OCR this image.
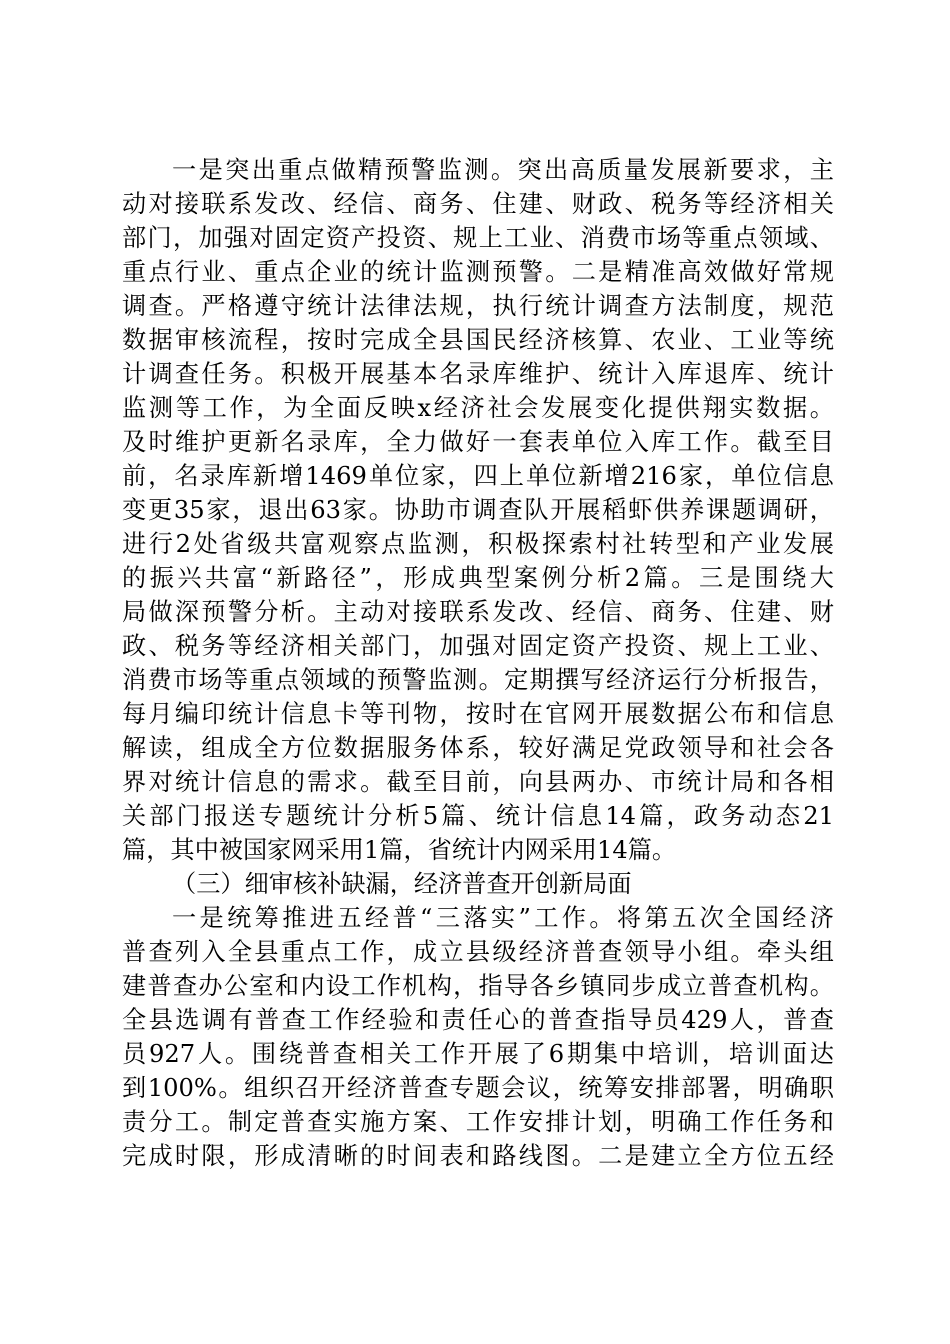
一是突出重点做精预警监测。突出高质量发展新要求，主
动对接联系发改、经信、商务、住建、财政、税务等经济相关
部门，加强对固定资产投资、规上工业、消费市场等重点领域、
重点行业、重点企业的统计监测预警。二是精准高效做好常规
调查。严格遵守统计法律法规，执行统计调查方法制度，规范
数据审核流程，按时完成全县国民经济核算、农业、工业等统
计调查任务。积极开展基本名录库维护、统计入库退库、统计
监测等工作，为全面反映x经济社会发展变化提供翔实数据。
及时维护更新名录库，全力做好一套表单位入库工作。截至目
前，名录库新增1469单位家，四上单位新增216家，单位信息
变更35家，退出63家。协助市调查队开展稻虾供养课题调研，
进行2处省级共富观察点监测，积极探索村社转型和产业发展
的振兴共富“新路径”，形成典型案例分析2篇。三是围绕大
局做深预警分析。主动对接联系发改、经信、商务、住建、财
政、税务等经济相关部门，加强对固定资产投资、规上工业、
消费市场等重点领域的预警监测。定期撰写经济运行分析报告，
每月编印统计信息卡等刊物，按时在官网开展数据公布和信息
解读，组成全方位数据服务体系，较好满足党政领导和社会各
界对统计信息的需求。截至目前，向县两办、市统计局和各相
关部门报送专题统计分析5篇、统计信息14篇，政务动态21
篇，其中被国家网采用1篇，省统计内网采用14篇。
（三）细审核补缺漏，经济普查开创新局面
一是统筹推进五经普“三落实”工作。将第五次全国经济
普查列入全县重点工作，成立县级经济普查领导小组。牵头组
建普查办公室和内设工作机构，指导各乡镇同步成立普查机构。
全县选调有普查工作经验和责任心的普查指导员429人，普查
员927人。围绕普查相关工作开展了6期集中培训，培训面达
到100%。组织召开经济普查专题会议，统筹安排部署，明确职
责分工。制定普查实施方案、工作安排计划，明确工作任务和
完成时限，形成清晰的时间表和路线图。二是建立全方位五经
